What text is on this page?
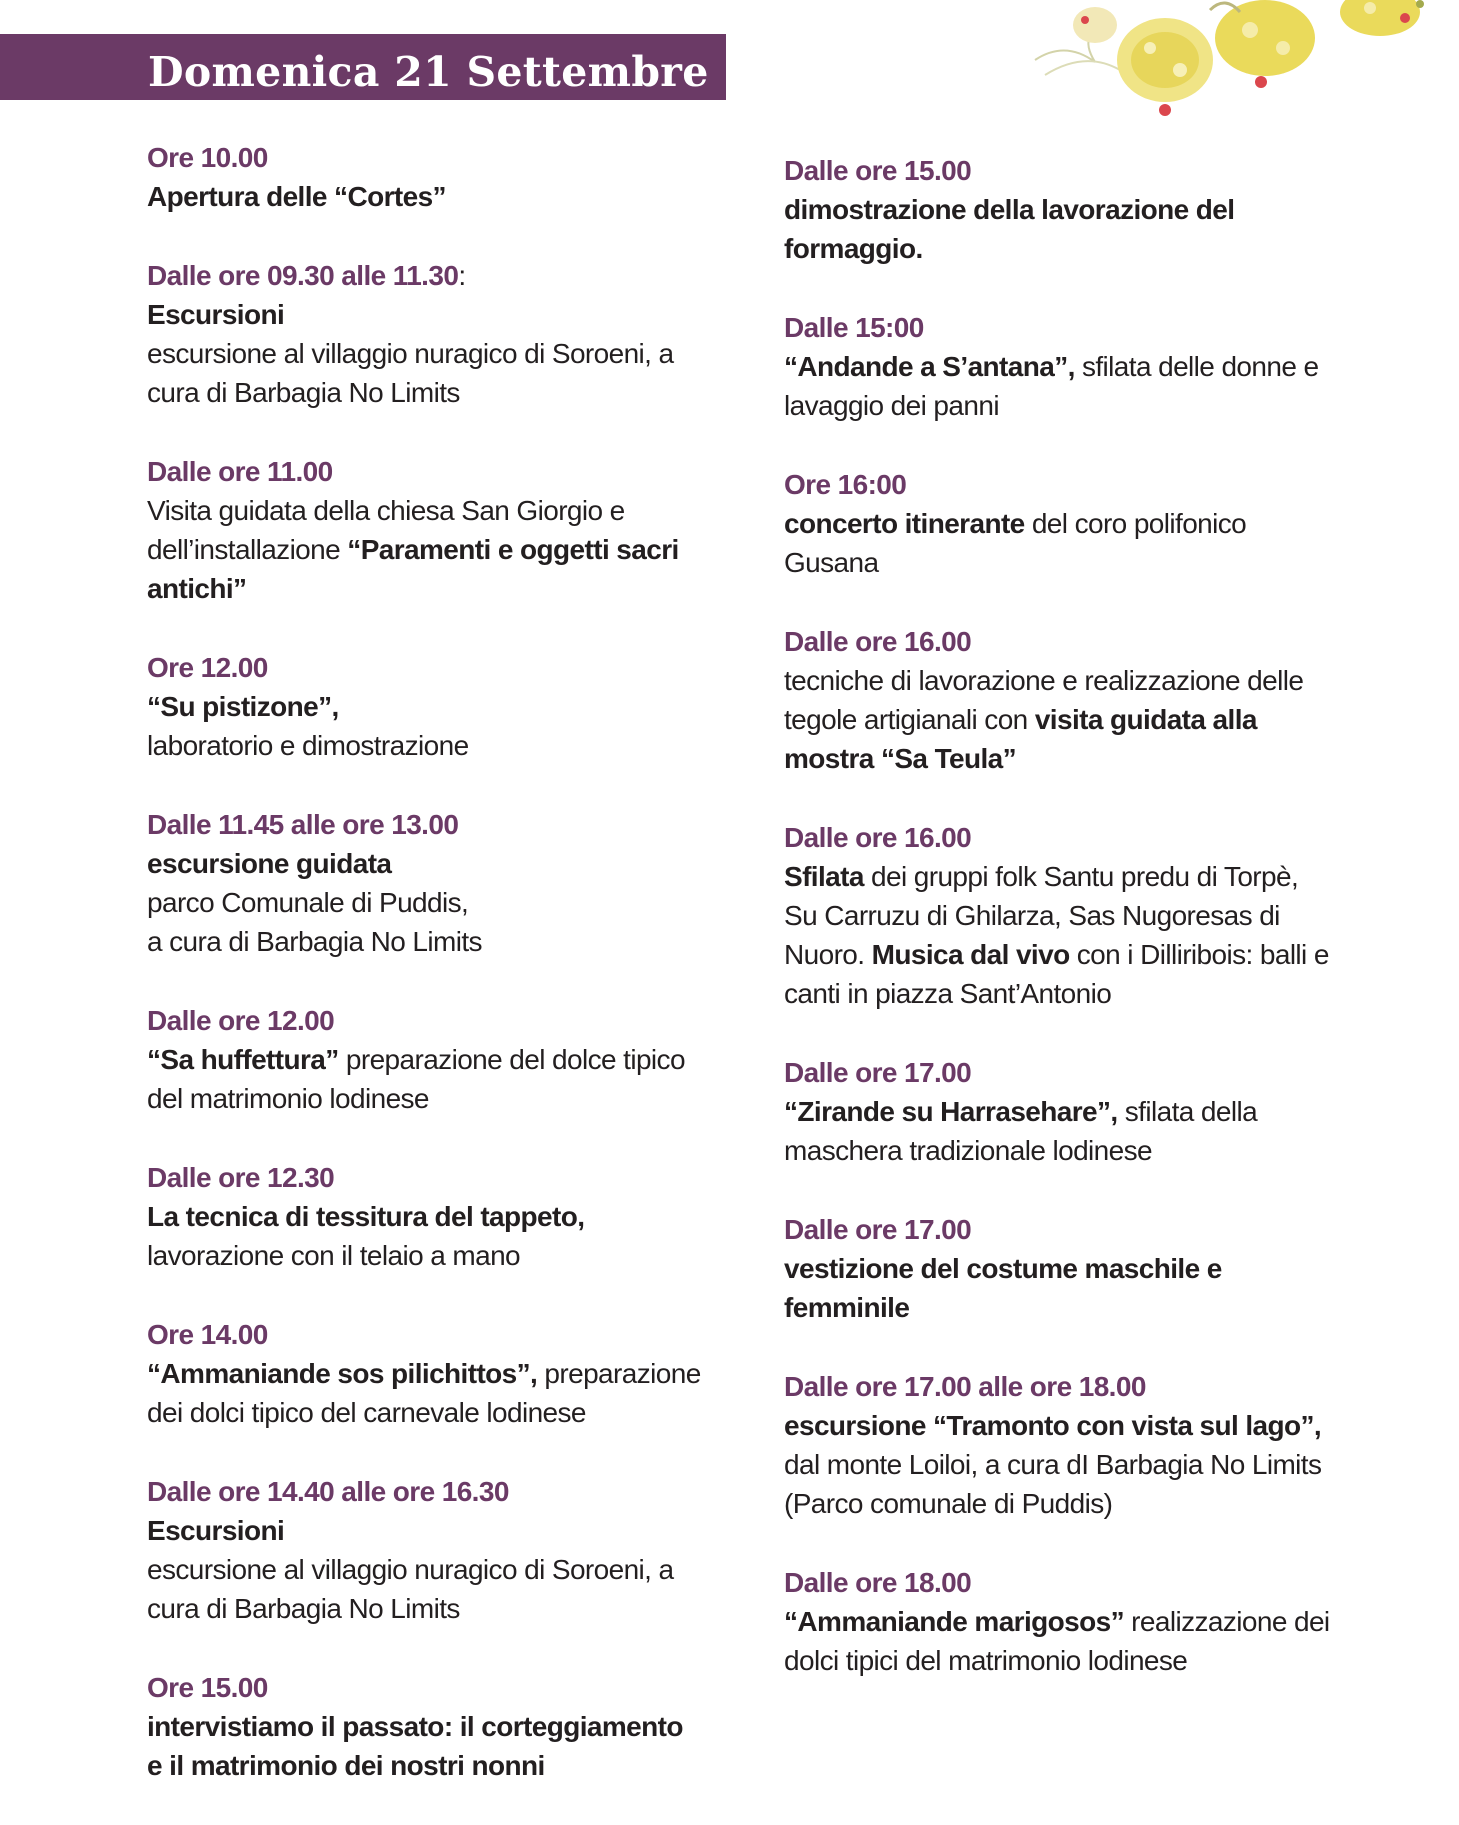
Domenica 21 Settembre
Ore 10.00
Apertura delle “Cortes”
Dalle ore 09.30 alle 11.30:
Escursioni
escursione al villaggio nuragico di Soroeni, a
cura di Barbagia No Limits
Dalle ore 11.00
Visita guidata della chiesa San Giorgio e
dell’installazione “Paramenti e oggetti sacri
antichi”
Ore 12.00
“Su pistizone”,
laboratorio e dimostrazione
Dalle 11.45 alle ore 13.00
escursione guidata
parco Comunale di Puddis,
a cura di Barbagia No Limits
Dalle ore 12.00
“Sa huffettura” preparazione del dolce tipico
del matrimonio lodinese
Dalle ore 12.30
La tecnica di tessitura del tappeto,
lavorazione con il telaio a mano
Ore 14.00
“Ammaniande sos pilichittos”, preparazione
dei dolci tipico del carnevale lodinese
Dalle ore 14.40 alle ore 16.30
Escursioni
escursione al villaggio nuragico di Soroeni, a
cura di Barbagia No Limits
Ore 15.00
intervistiamo il passato: il corteggiamento
e il matrimonio dei nostri nonni
Dalle ore 15.00
dimostrazione della lavorazione del
formaggio.
Dalle 15:00
“Andande a S’antana”, sfilata delle donne e
lavaggio dei panni
Ore 16:00
concerto itinerante del coro polifonico
Gusana
Dalle ore 16.00
tecniche di lavorazione e realizzazione delle
tegole artigianali con visita guidata alla
mostra “Sa Teula”
Dalle ore 16.00
Sfilata dei gruppi folk Santu predu di Torpè,
Su Carruzu di Ghilarza, Sas Nugoresas di
Nuoro. Musica dal vivo con i Dilliribois: balli e
canti in piazza Sant’Antonio
Dalle ore 17.00
“Zirande su Harrasehare”, sfilata della
maschera tradizionale lodinese
Dalle ore 17.00
vestizione del costume maschile e
femminile
Dalle ore 17.00 alle ore 18.00
escursione “Tramonto con vista sul lago”,
dal monte Loiloi, a cura dI Barbagia No Limits
(Parco comunale di Puddis)
Dalle ore 18.00
“Ammaniande marigosos” realizzazione dei
dolci tipici del matrimonio lodinese
